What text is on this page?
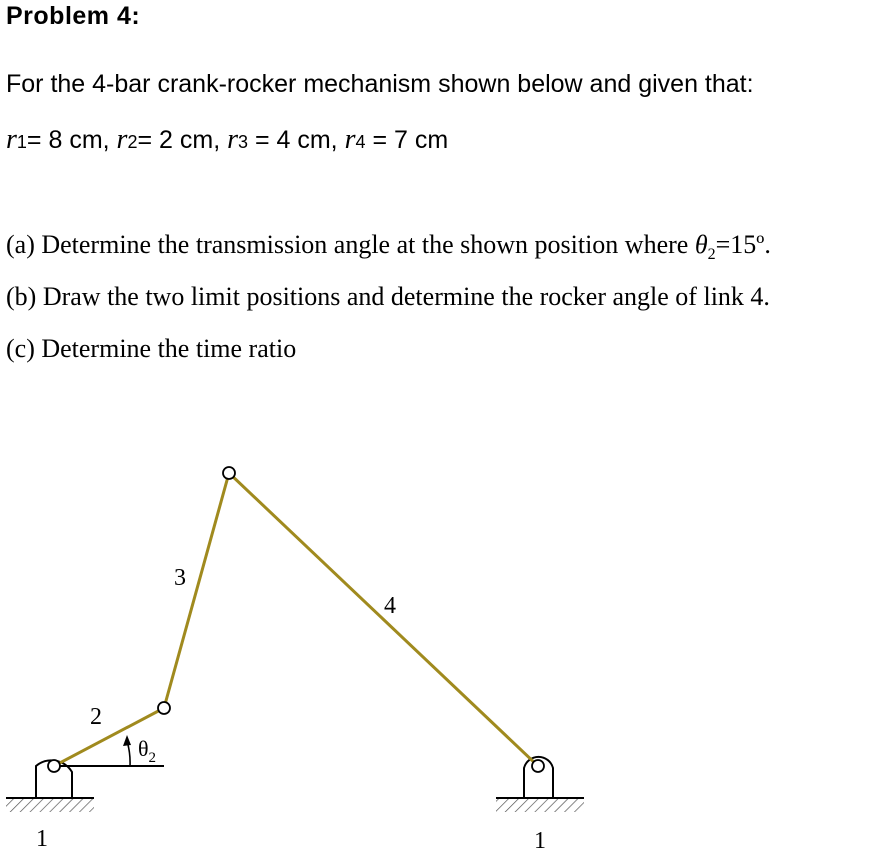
Problem 4:
For the 4-bar crank-rocker mechanism shown below and given that:
r1= 8 cm, r2= 2 cm, r3 = 4 cm, r4 = 7 cm
(a) Determine the transmission angle at the shown position where $\theta_2=15º$.
(b) Draw the two limit positions and determine the rocker angle of link 4.
(c) Determine the time ratio
2
3
4
1	1
$\theta_2$
